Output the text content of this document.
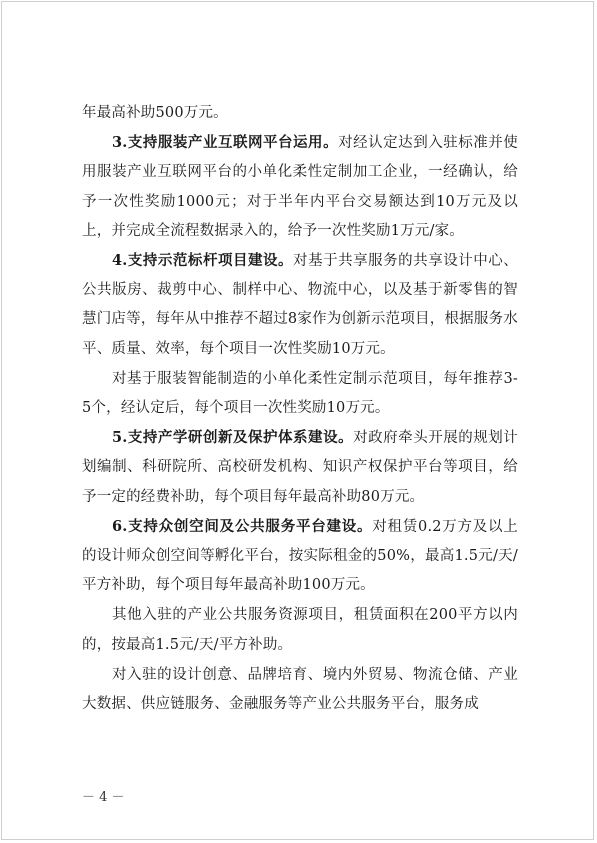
年最高补助500万元。

3.支持服装产业互联网平台运用。对经认定达到入驻标准并使用服装产业互联网平台的小单化柔性定制加工企业，一经确认，给予一次性奖励1000元；对于半年内平台交易额达到10万元及以上，并完成全流程数据录入的，给予一次性奖励1万元/家。

4.支持示范标杆项目建设。对基于共享服务的共享设计中心、公共版房、裁剪中心、制样中心、物流中心，以及基于新零售的智慧门店等，每年从中推荐不超过8家作为创新示范项目，根据服务水平、质量、效率，每个项目一次性奖励10万元。

对基于服装智能制造的小单化柔性定制示范项目，每年推荐3-5个，经认定后，每个项目一次性奖励10万元。

5.支持产学研创新及保护体系建设。对政府牵头开展的规划计划编制、科研院所、高校研发机构、知识产权保护平台等项目，给予一定的经费补助，每个项目每年最高补助80万元。

6.支持众创空间及公共服务平台建设。对租赁0.2万方及以上的设计师众创空间等孵化平台，按实际租金的50%，最高1.5元/天/平方补助，每个项目每年最高补助100万元。

其他入驻的产业公共服务资源项目，租赁面积在200平方以内的，按最高1.5元/天/平方补助。

对入驻的设计创意、品牌培育、境内外贸易、物流仓储、产业大数据、供应链服务、金融服务等产业公共服务平台，服务成

－ 4 －
